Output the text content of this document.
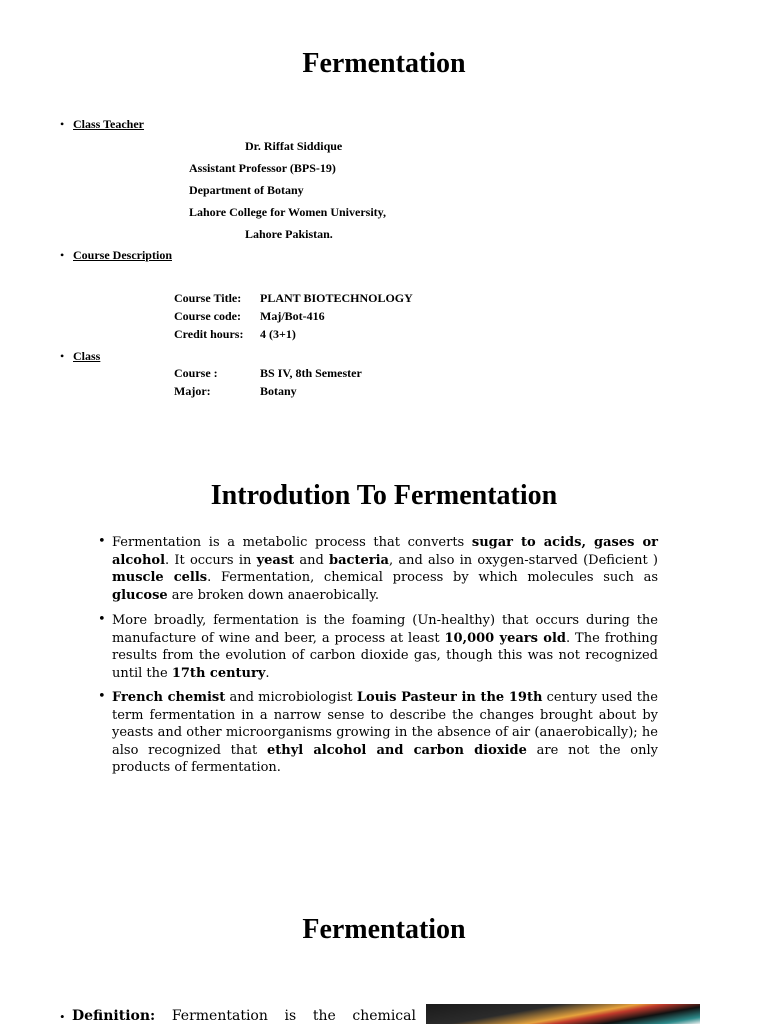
Fermentation
• Class Teacher
Dr. Riffat Siddique
Assistant Professor (BPS-19)
Department of Botany
Lahore College for Women University,
Lahore Pakistan.
• Course Description
Course Title: PLANT BIOTECHNOLOGY
Course code: Maj/Bot-416
Credit hours: 4 (3+1)
• Class
Course :	BS IV, 8th Semester
Major:	Botany
Introdution To Fermentation
• Fermentation is a metabolic process that converts sugar to acids, gases or alcohol. It occurs in yeast and bacteria, and also in oxygen-starved (Deficient ) muscle cells. Fermentation, chemical process by which molecules such as glucose are broken down anaerobically.
• More broadly, fermentation is the foaming (Un-healthy) that occurs during the manufacture of wine and beer, a process at least 10,000 years old. The frothing results from the evolution of carbon dioxide gas, though this was not recognized until the 17th century.
• French chemist and microbiologist Louis Pasteur in the 19th century used the term fermentation in a narrow sense to describe the changes brought about by yeasts and other microorganisms growing in the absence of air (anaerobically); he also recognized that ethyl alcohol and carbon dioxide are not the only products of fermentation.
Fermentation
• Definition: Fermentation is the chemical
